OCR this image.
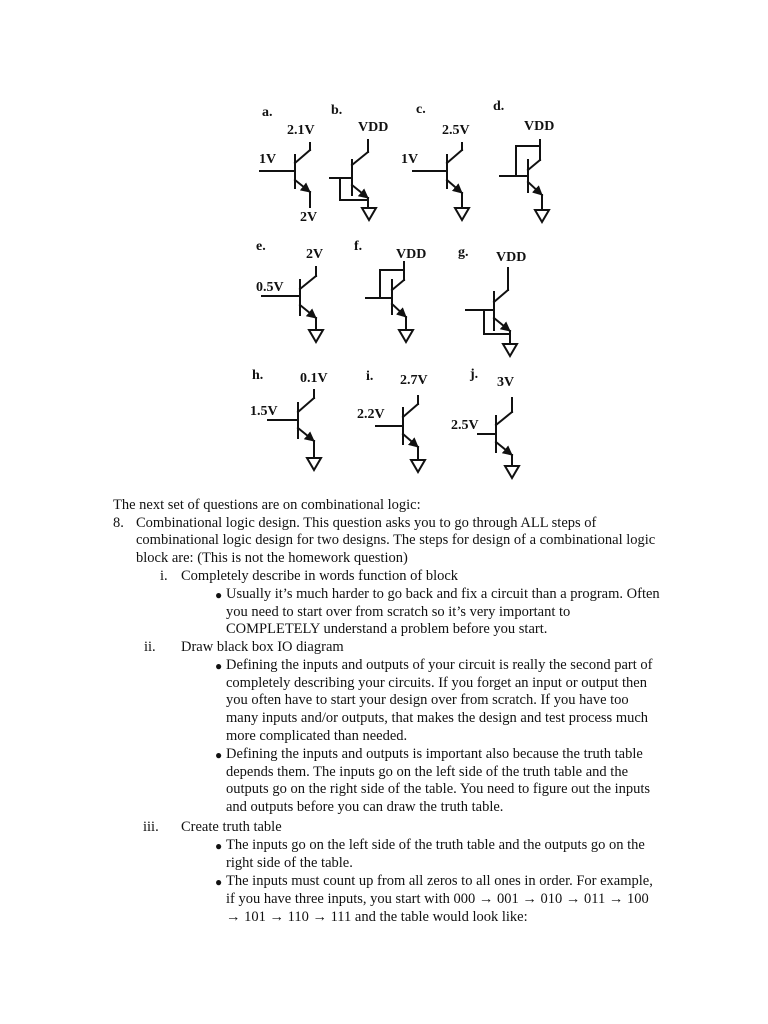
a.	b.	c.	d.
e.	f.	g.
h.	i.	j.
2.1V
1V
2V
VDD	2.5V
1V
VDD
2V
0.5V
VDD	VDD
0.1V
1.5V
2.7V
2.2V
3V
2.5V

The next set of questions are on combinational logic:

8. Combinational logic design. This question asks you to go through ALL steps of

combinational logic design for two designs. The steps for design of a combinational logic

block are: (This is not the homework question)

i. Completely describe in words function of block

● Usually it’s much harder to go back and fix a circuit than a program. Often

you need to start over from scratch so it’s very important to

COMPLETELY understand a problem before you start.

ii. Draw black box IO diagram

● Defining the inputs and outputs of your circuit is really the second part of

completely describing your circuits. If you forget an input or output then

you often have to start your design over from scratch. If you have too

many inputs and/or outputs, that makes the design and test process much

more complicated than needed.

● Defining the inputs and outputs is important also because the truth table

depends them. The inputs go on the left side of the truth table and the

outputs go on the right side of the table. You need to figure out the inputs

and outputs before you can draw the truth table.

iii. Create truth table

● The inputs go on the left side of the truth table and the outputs go on the

right side of the table.

● The inputs must count up from all zeros to all ones in order. For example,

if you have three inputs, you start with 000 → 001 → 010 → 011 → 100

→ 101 → 110 → 111 and the table would look like:
